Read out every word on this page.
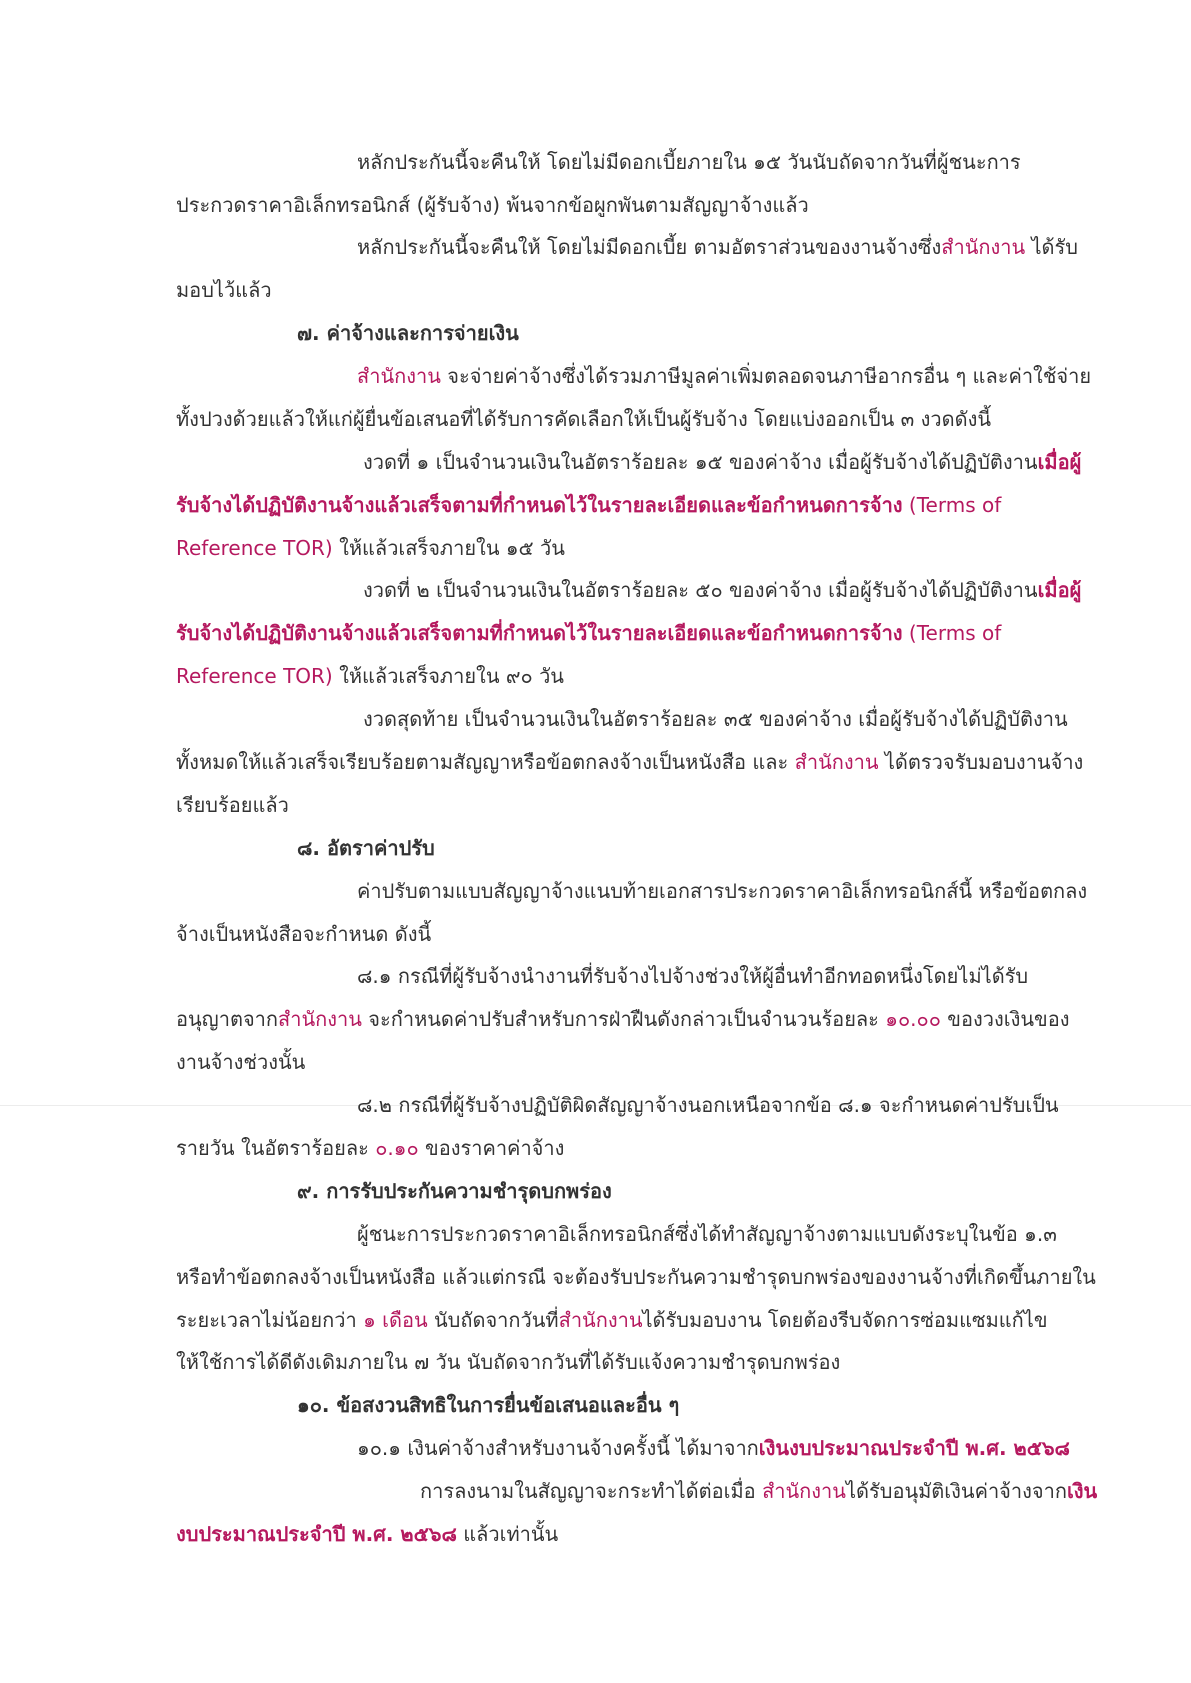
หลักประกันนี้จะคืนให้ โดยไม่มีดอกเบี้ยภายใน ๑๕ วันนับถัดจากวันที่ผู้ชนะการ
ประกวดราคาอิเล็กทรอนิกส์ (ผู้รับจ้าง) พ้นจากข้อผูกพันตามสัญญาจ้างแล้ว
หลักประกันนี้จะคืนให้ โดยไม่มีดอกเบี้ย ตามอัตราส่วนของงานจ้างซึ่งสำนักงาน ได้รับ
มอบไว้แล้ว
๗. ค่าจ้างและการจ่ายเงิน
สำนักงาน จะจ่ายค่าจ้างซึ่งได้รวมภาษีมูลค่าเพิ่มตลอดจนภาษีอากรอื่น ๆ และค่าใช้จ่าย
ทั้งปวงด้วยแล้วให้แก่ผู้ยื่นข้อเสนอที่ได้รับการคัดเลือกให้เป็นผู้รับจ้าง โดยแบ่งออกเป็น ๓ งวดดังนี้
งวดที่ ๑ เป็นจำนวนเงินในอัตราร้อยละ ๑๕ ของค่าจ้าง เมื่อผู้รับจ้างได้ปฏิบัติงานเมื่อผู้
รับจ้างได้ปฏิบัติงานจ้างแล้วเสร็จตามที่กำหนดไว้ในรายละเอียดและข้อกำหนดการจ้าง (Terms of
Reference TOR) ให้แล้วเสร็จภายใน ๑๕ วัน
งวดที่ ๒ เป็นจำนวนเงินในอัตราร้อยละ ๕๐ ของค่าจ้าง เมื่อผู้รับจ้างได้ปฏิบัติงานเมื่อผู้
รับจ้างได้ปฏิบัติงานจ้างแล้วเสร็จตามที่กำหนดไว้ในรายละเอียดและข้อกำหนดการจ้าง (Terms of
Reference TOR) ให้แล้วเสร็จภายใน ๙๐ วัน
งวดสุดท้าย เป็นจำนวนเงินในอัตราร้อยละ ๓๕ ของค่าจ้าง เมื่อผู้รับจ้างได้ปฏิบัติงาน
ทั้งหมดให้แล้วเสร็จเรียบร้อยตามสัญญาหรือข้อตกลงจ้างเป็นหนังสือ และ สำนักงาน ได้ตรวจรับมอบงานจ้าง
เรียบร้อยแล้ว
๘. อัตราค่าปรับ
ค่าปรับตามแบบสัญญาจ้างแนบท้ายเอกสารประกวดราคาอิเล็กทรอนิกส์นี้ หรือข้อตกลง
จ้างเป็นหนังสือจะกำหนด ดังนี้
๘.๑ กรณีที่ผู้รับจ้างนำงานที่รับจ้างไปจ้างช่วงให้ผู้อื่นทำอีกทอดหนึ่งโดยไม่ได้รับ
อนุญาตจากสำนักงาน จะกำหนดค่าปรับสำหรับการฝ่าฝืนดังกล่าวเป็นจำนวนร้อยละ ๑๐.๐๐ ของวงเงินของ
งานจ้างช่วงนั้น
๘.๒ กรณีที่ผู้รับจ้างปฏิบัติผิดสัญญาจ้างนอกเหนือจากข้อ ๘.๑ จะกำหนดค่าปรับเป็น
รายวัน ในอัตราร้อยละ ๐.๑๐ ของราคาค่าจ้าง
๙. การรับประกันความชำรุดบกพร่อง
ผู้ชนะการประกวดราคาอิเล็กทรอนิกส์ซึ่งได้ทำสัญญาจ้างตามแบบดังระบุในข้อ ๑.๓
หรือทำข้อตกลงจ้างเป็นหนังสือ แล้วแต่กรณี จะต้องรับประกันความชำรุดบกพร่องของงานจ้างที่เกิดขึ้นภายใน
ระยะเวลาไม่น้อยกว่า ๑ เดือน นับถัดจากวันที่สำนักงานได้รับมอบงาน โดยต้องรีบจัดการซ่อมแซมแก้ไข
ให้ใช้การได้ดีดังเดิมภายใน ๗ วัน นับถัดจากวันที่ได้รับแจ้งความชำรุดบกพร่อง
๑๐. ข้อสงวนสิทธิในการยื่นข้อเสนอและอื่น ๆ
๑๐.๑ เงินค่าจ้างสำหรับงานจ้างครั้งนี้ ได้มาจากเงินงบประมาณประจำปี พ.ศ. ๒๕๖๘
การลงนามในสัญญาจะกระทำได้ต่อเมื่อ สำนักงานได้รับอนุมัติเงินค่าจ้างจากเงิน
งบประมาณประจำปี พ.ศ. ๒๕๖๘ แล้วเท่านั้น
